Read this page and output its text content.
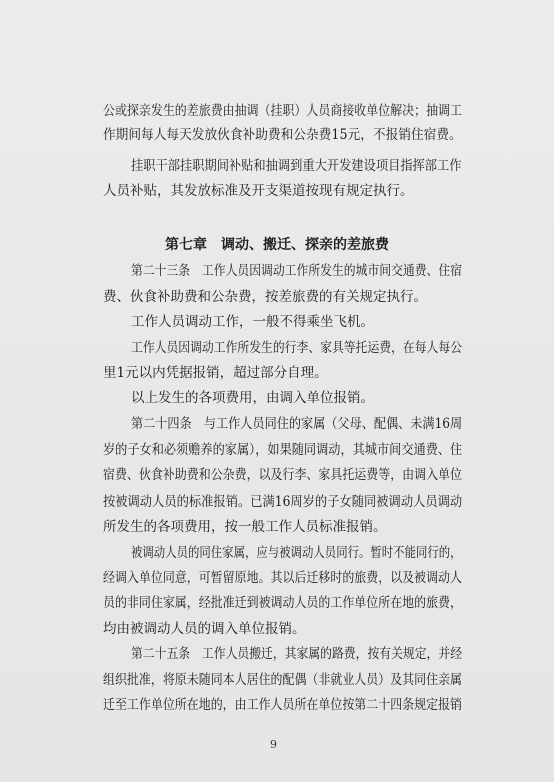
公或探亲发生的差旅费由抽调（挂职）人员商接收单位解决；抽调工
作期间每人每天发放伙食补助费和公杂费15元，不报销住宿费。
挂职干部挂职期间补贴和抽调到重大开发建设项目指挥部工作
人员补贴，其发放标准及开支渠道按现有规定执行。
第七章　调动、搬迁、探亲的差旅费
第二十三条　工作人员因调动工作所发生的城市间交通费、住宿
费、伙食补助费和公杂费，按差旅费的有关规定执行。
工作人员调动工作，一般不得乘坐飞机。
工作人员因调动工作所发生的行李、家具等托运费，在每人每公
里1元以内凭据报销，超过部分自理。
以上发生的各项费用，由调入单位报销。
第二十四条　与工作人员同住的家属（父母、配偶、未满16周
岁的子女和必须赡养的家属），如果随同调动，其城市间交通费、住
宿费、伙食补助费和公杂费，以及行李、家具托运费等，由调入单位
按被调动人员的标准报销。已满16周岁的子女随同被调动人员调动
所发生的各项费用，按一般工作人员标准报销。
被调动人员的同住家属，应与被调动人员同行。暂时不能同行的，
经调入单位同意，可暂留原地。其以后迁移时的旅费，以及被调动人
员的非同住家属，经批准迁到被调动人员的工作单位所在地的旅费，
均由被调动人员的调入单位报销。
第二十五条　工作人员搬迁，其家属的路费，按有关规定，并经
组织批准，将原未随同本人居住的配偶（非就业人员）及其同住亲属
迁至工作单位所在地的，由工作人员所在单位按第二十四条规定报销
9
